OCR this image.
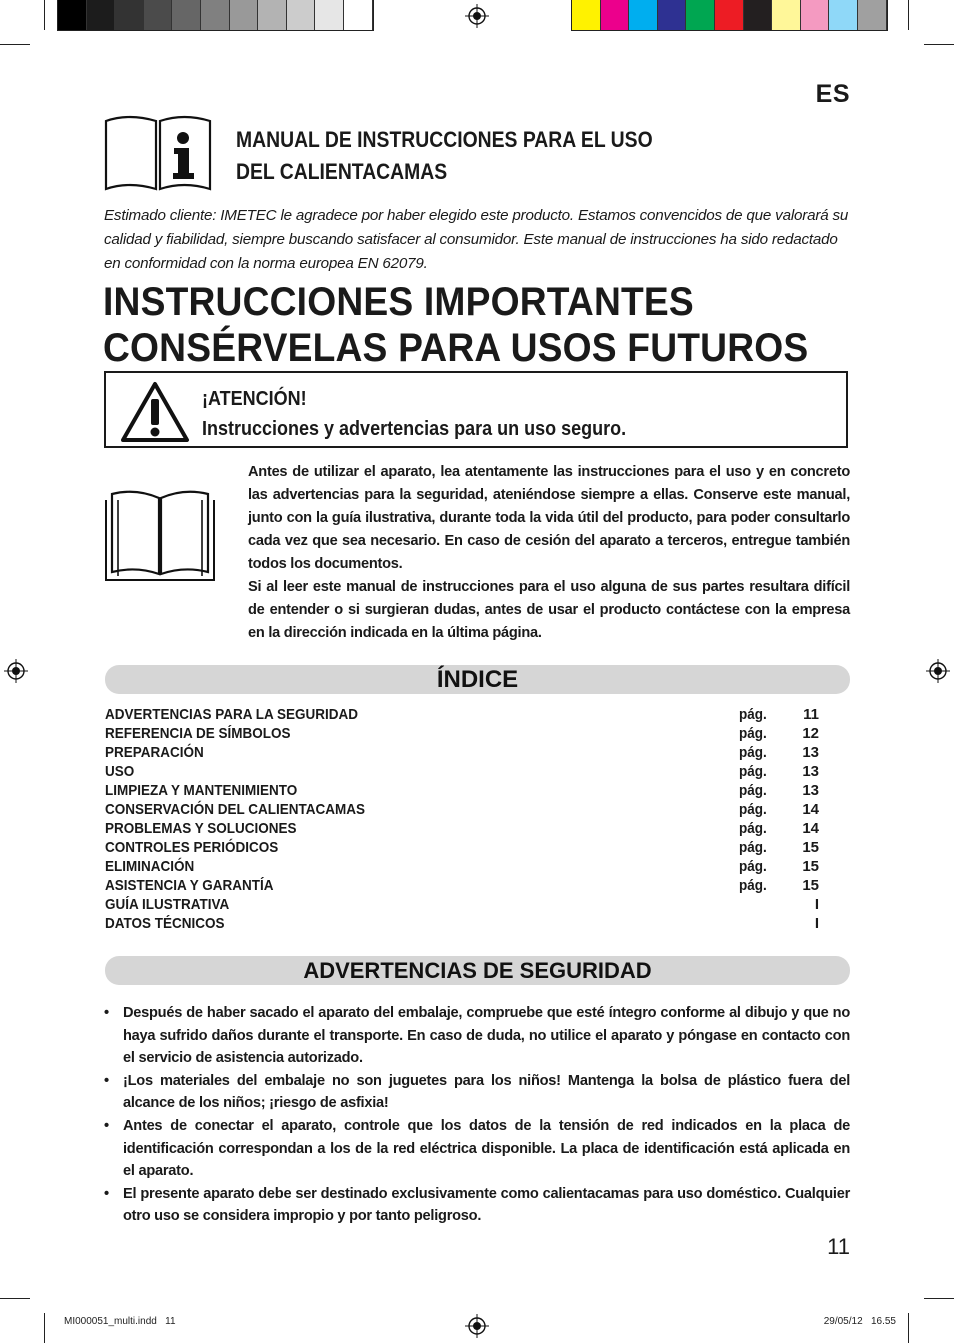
ES
MANUAL DE INSTRUCCIONES PARA EL USO
DEL CALIENTACAMAS
Estimado cliente: IMETEC le agradece por haber elegido este producto. Estamos convencidos de que valorará su calidad y fiabilidad, siempre buscando satisfacer al consumidor. Este manual de instrucciones ha sido redactado en conformidad con la norma europea EN 62079.
INSTRUCCIONES IMPORTANTES
CONSÉRVELAS PARA USOS FUTUROS
¡ATENCIÓN!
Instrucciones y advertencias para un uso seguro.

Antes de utilizar el aparato, lea atentamente las instrucciones para el uso y en concreto las advertencias para la seguridad, ateniéndose siempre a ellas. Conserve este manual, junto con la guía ilustrativa, durante toda la vida útil del producto, para poder consultarlo cada vez que sea necesario. En caso de cesión del aparato a terceros, entregue también todos los documentos.

Si al leer este manual de instrucciones para el uso alguna de sus partes resultara difícil de entender o si surgieran dudas, antes de usar el producto contáctese con la empresa en la dirección indicada en la última página.

ÍNDICE
ADVERTENCIAS PARA LA SEGURIDAD	pág. 11
REFERENCIA DE SÍMBOLOS	pág. 12
PREPARACIÓN	pág. 13
USO	pág. 13
LIMPIEZA Y MANTENIMIENTO	pág. 13
CONSERVACIÓN DEL CALIENTACAMAS	pág. 14
PROBLEMAS Y SOLUCIONES	pág. 14
CONTROLES PERIÓDICOS	pág. 15
ELIMINACIÓN	pág. 15
ASISTENCIA Y GARANTÍA	pág. 15
GUÍA ILUSTRATIVA	I
DATOS TÉCNICOS	I
ADVERTENCIAS DE SEGURIDAD
• Después de haber sacado el aparato del embalaje, compruebe que esté íntegro conforme al dibujo y que no haya sufrido daños durante el transporte. En caso de duda, no utilice el aparato y póngase en contacto con el servicio de asistencia autorizado.
• ¡Los materiales del embalaje no son juguetes para los niños! Mantenga la bolsa de plástico fuera del alcance de los niños; ¡riesgo de asfixia!
• Antes de conectar el aparato, controle que los datos de la tensión de red indicados en la placa de identificación correspondan a los de la red eléctrica disponible. La placa de identificación está aplicada en el aparato.
• El presente aparato debe ser destinado exclusivamente como calientacamas para uso doméstico. Cualquier otro uso se considera impropio y por tanto peligroso.
11
MI000051_multi.indd   11	29/05/12   16.55
